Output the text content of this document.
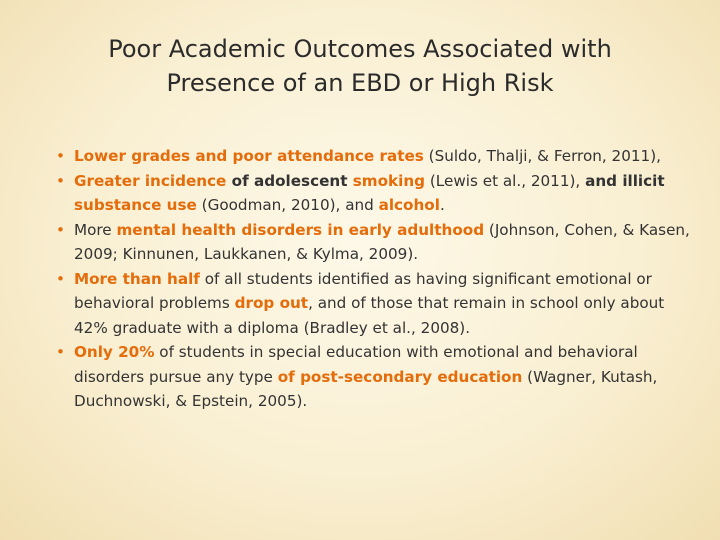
Poor Academic Outcomes Associated with
Presence of an EBD or High Risk
• Lower grades and poor attendance rates (Suldo, Thalji, & Ferron, 2011),
• Greater incidence of adolescent smoking (Lewis et al., 2011), and illicit substance use (Goodman, 2010), and alcohol.
• More mental health disorders in early adulthood (Johnson, Cohen, & Kasen, 2009; Kinnunen, Laukkanen, & Kylma, 2009).
• More than half of all students identified as having significant emotional or behavioral problems drop out, and of those that remain in school only about 42% graduate with a diploma (Bradley et al., 2008).
• Only 20% of students in special education with emotional and behavioral disorders pursue any type of post-secondary education (Wagner, Kutash, Duchnowski, & Epstein, 2005).
